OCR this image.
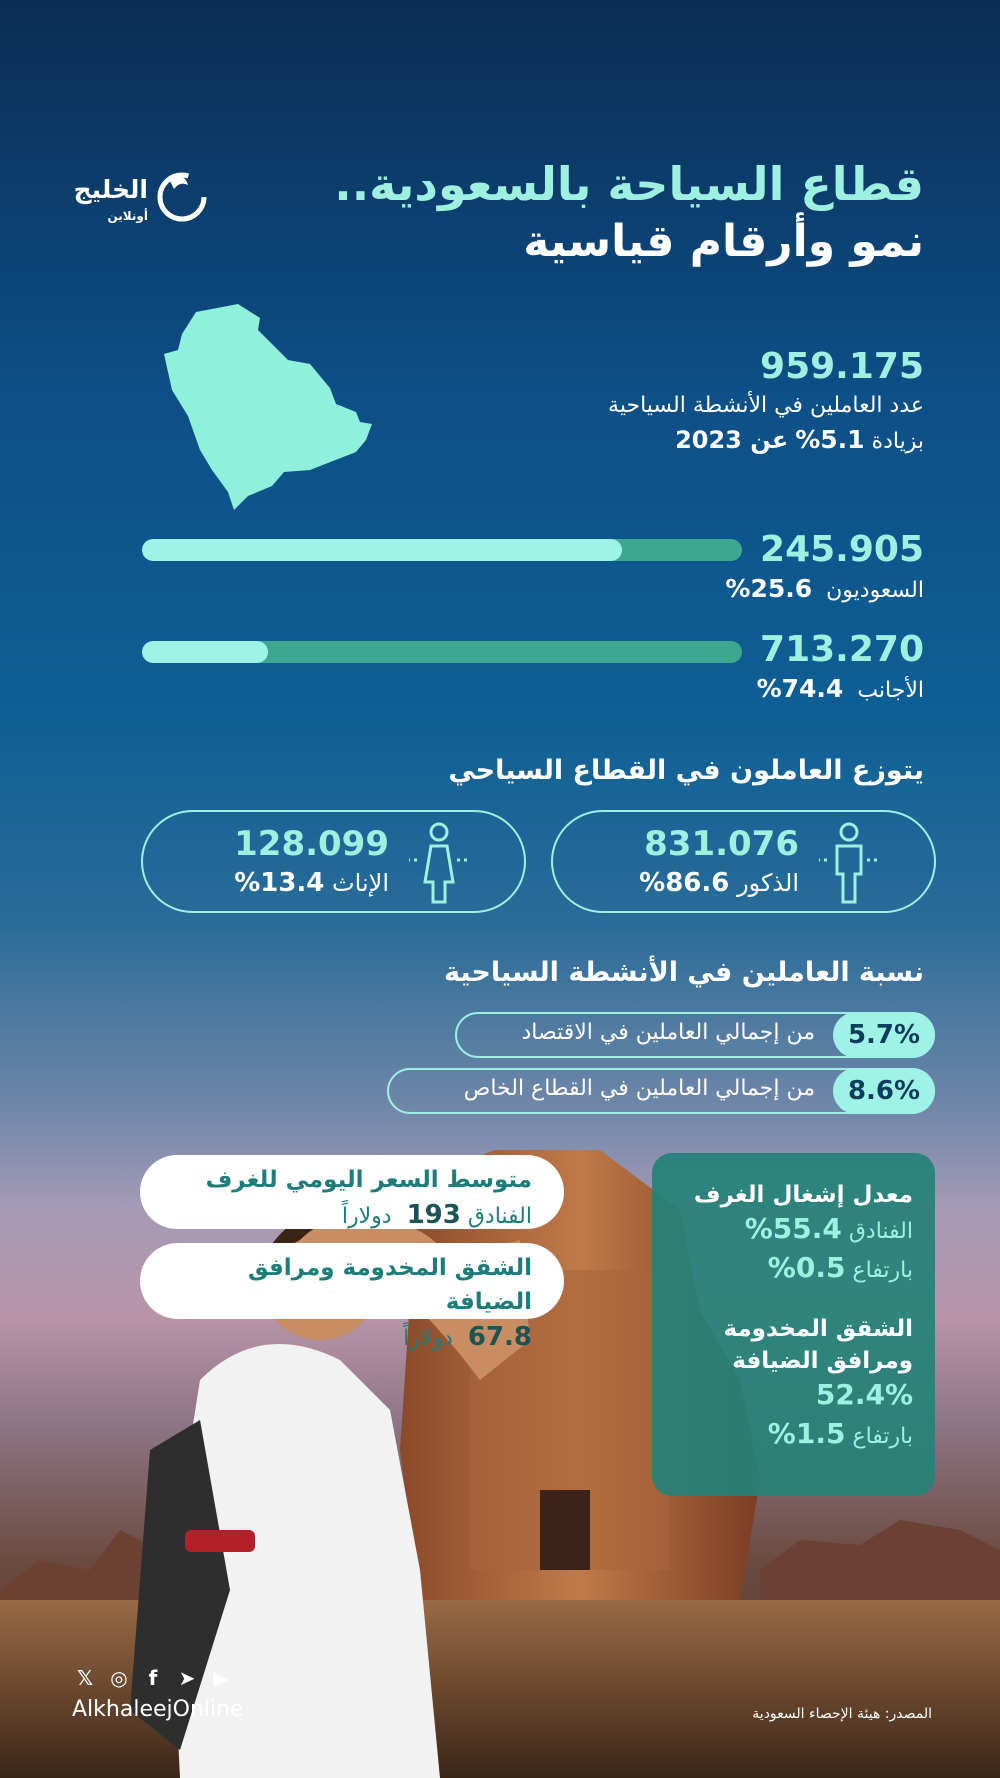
الخليج
أونلاين
قطاع السياحة بالسعودية..
نمو وأرقام قياسية
959.175
عدد العاملين في الأنشطة السياحية
بزيادة 5.1% عن 2023
245.905
السعوديون  25.6%
713.270
الأجانب  74.4%
يتوزع العاملون في القطاع السياحي
831.076
الذكور 86.6%
128.099
الإناث 13.4%
نسبة العاملين في الأنشطة السياحية
5.7%
من إجمالي العاملين في الاقتصاد
8.6%
من إجمالي العاملين في القطاع الخاص
متوسط السعر اليومي للغرف
الفنادق 193 دولاراً
الشقق المخدومة ومرافق الضيافة
67.8 دولاراً
معدل إشغال الغرف
الفنادق 55.4%
بارتفاع 0.5%
الشقق المخدومة
ومرافق الضيافة
52.4%
بارتفاع 1.5%
𝕏 ◎	f	➤ ▶
AlkhaleejOnline	المصدر: هيئة الإحصاء السعودية
